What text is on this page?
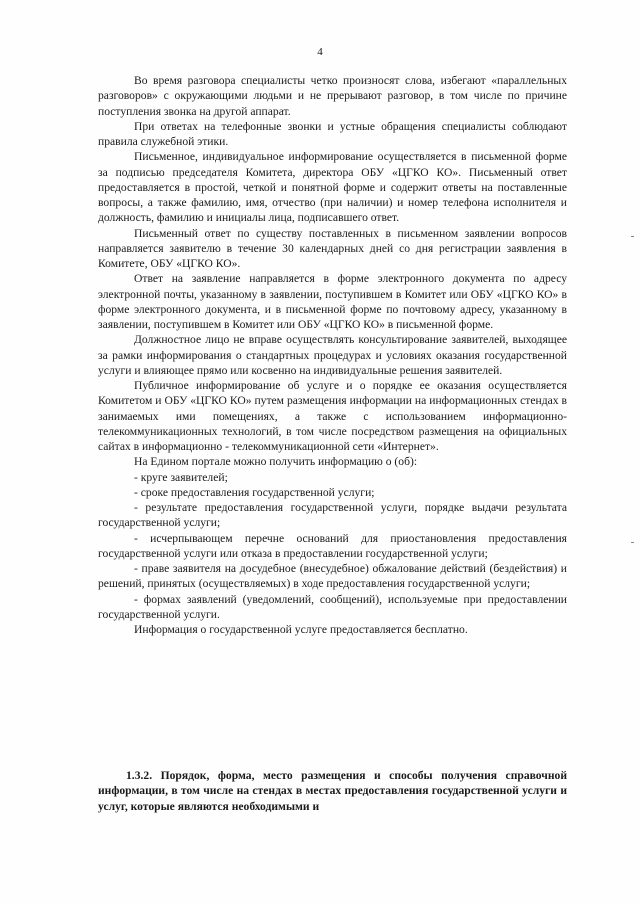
4

Во время разговора специалисты четко произносят слова, избегают «параллельных разговоров» с окружающими людьми и не прерывают разговор, в том числе по причине поступления звонка на другой аппарат.

При ответах на телефонные звонки и устные обращения специалисты соблюдают правила служебной этики.

Письменное, индивидуальное информирование осуществляется в письменной форме за подписью председателя Комитета, директора ОБУ «ЦГКО КО». Письменный ответ предоставляется в простой, четкой и понятной форме и содержит ответы на поставленные вопросы, а также фамилию, имя, отчество (при наличии) и номер телефона исполнителя и должность, фамилию и инициалы лица, подписавшего ответ.

Письменный ответ по существу поставленных в письменном заявлении вопросов направляется заявителю в течение 30 календарных дней со дня регистрации заявления в Комитете, ОБУ «ЦГКО КО».

Ответ на заявление направляется в форме электронного документа по адресу электронной почты, указанному в заявлении, поступившем в Комитет или ОБУ «ЦГКО КО» в форме электронного документа, и в письменной форме по почтовому адресу, указанному в заявлении, поступившем в Комитет или ОБУ «ЦГКО КО» в письменной форме.

Должностное лицо не вправе осуществлять консультирование заявителей, выходящее за рамки информирования о стандартных процедурах и условиях оказания государственной услуги и влияющее прямо или косвенно на индивидуальные решения заявителей.

Публичное информирование об услуге и о порядке ее оказания осуществляется Комитетом и ОБУ «ЦГКО КО» путем размещения информации на информационных стендах в занимаемых ими помещениях, а также с использованием информационно-телекоммуникационных технологий, в том числе посредством размещения на официальных сайтах в информационно - телекоммуникационной сети «Интернет».

На Едином портале можно получить информацию о (об):

- круге заявителей;

- сроке предоставления государственной услуги;

- результате предоставления государственной услуги, порядке выдачи результата государственной услуги;

- исчерпывающем перечне оснований для приостановления предоставления государственной услуги или отказа в предоставлении государственной услуги;

- праве заявителя на досудебное (внесудебное) обжалование действий (бездействия) и решений, принятых (осуществляемых) в ходе предоставления государственной услуги;

- формах заявлений (уведомлений, сообщений), используемые при предоставлении государственной услуги.

Информация о государственной услуге предоставляется бесплатно.

1.3.2. Порядок, форма, место размещения и способы получения справочной информации, в том числе на стендах в местах предоставления государственной услуги и услуг, которые являются необходимыми и
